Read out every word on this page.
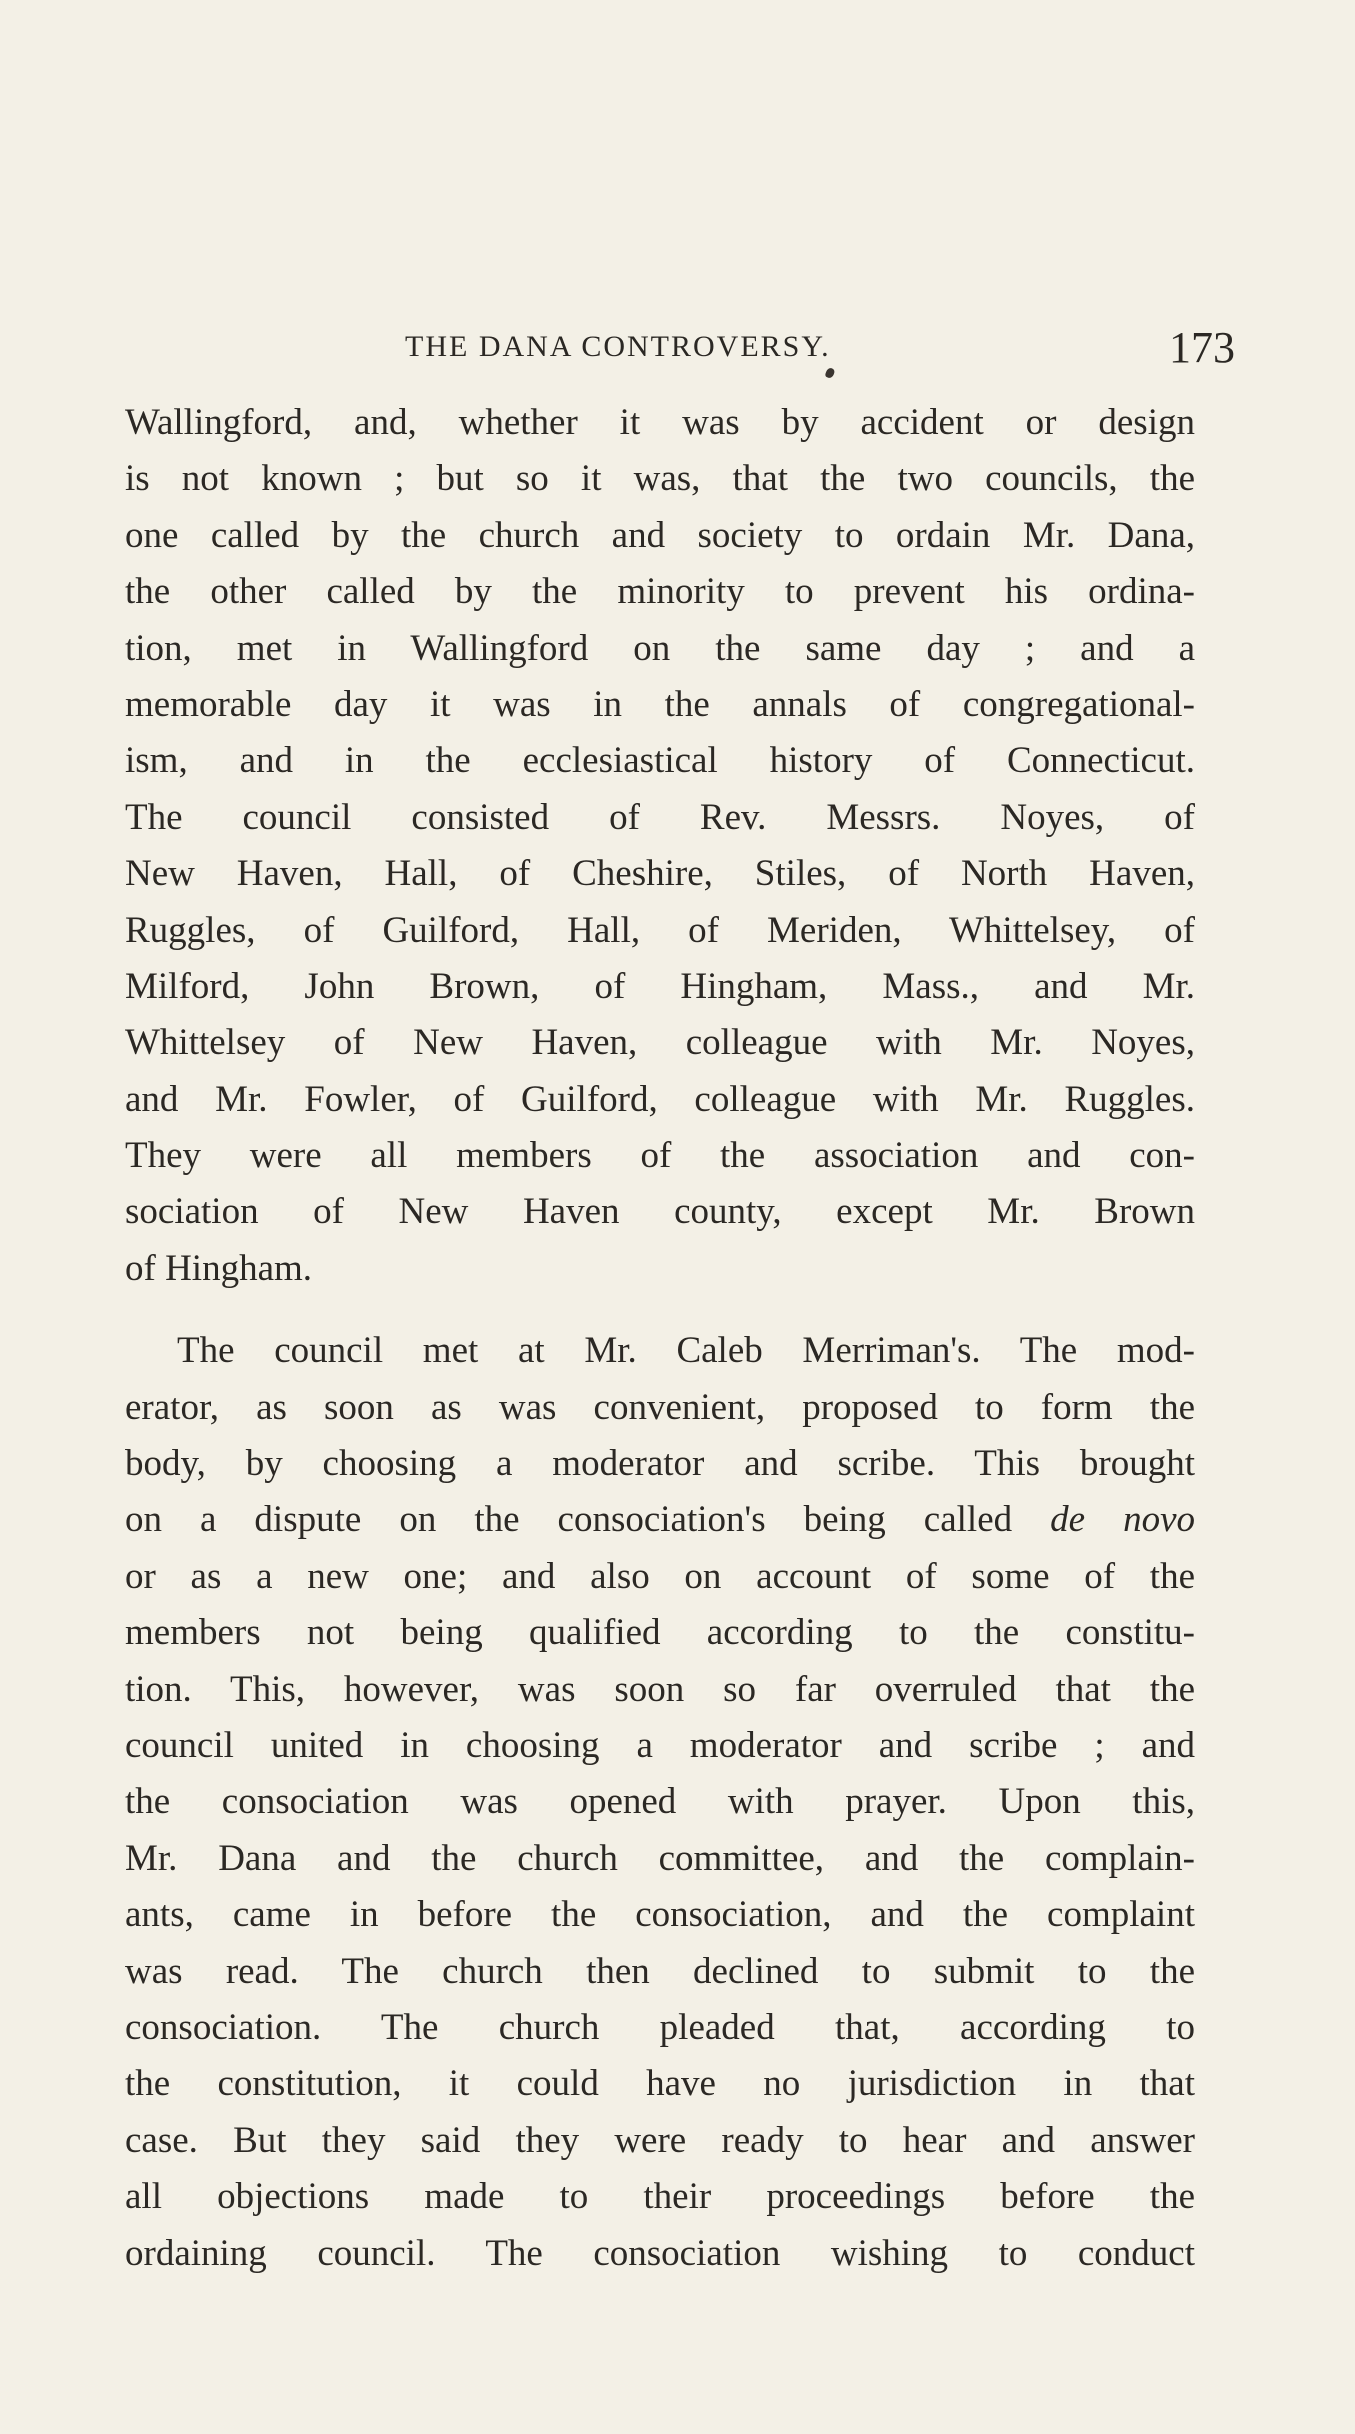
THE DANA CONTROVERSY.	173
Wallingford, and, whether it was by accident or design
is not known ; but so it was, that the two councils, the
one called by the church and society to ordain Mr. Dana,
the other called by the minority to prevent his ordina-
tion, met in Wallingford on the same day ; and a
memorable day it was in the annals of congregational-
ism, and in the ecclesiastical history of Connecticut.
The council consisted of Rev. Messrs. Noyes, of
New Haven, Hall, of Cheshire, Stiles, of North Haven,
Ruggles, of Guilford, Hall, of Meriden, Whittelsey, of
Milford, John Brown, of Hingham, Mass., and Mr.
Whittelsey of New Haven, colleague with Mr. Noyes,
and Mr. Fowler, of Guilford, colleague with Mr. Ruggles.
They were all members of the association and con-
sociation of New Haven county, except Mr. Brown
of Hingham.
The council met at Mr. Caleb Merriman's. The mod-
erator, as soon as was convenient, proposed to form the
body, by choosing a moderator and scribe. This brought
on a dispute on the consociation's being called de novo
or as a new one; and also on account of some of the
members not being qualified according to the constitu-
tion. This, however, was soon so far overruled that the
council united in choosing a moderator and scribe ; and
the consociation was opened with prayer. Upon this,
Mr. Dana and the church committee, and the complain-
ants, came in before the consociation, and the complaint
was read. The church then declined to submit to the
consociation. The church pleaded that, according to
the constitution, it could have no jurisdiction in that
case. But they said they were ready to hear and answer
all objections made to their proceedings before the
ordaining council. The consociation wishing to conduct
